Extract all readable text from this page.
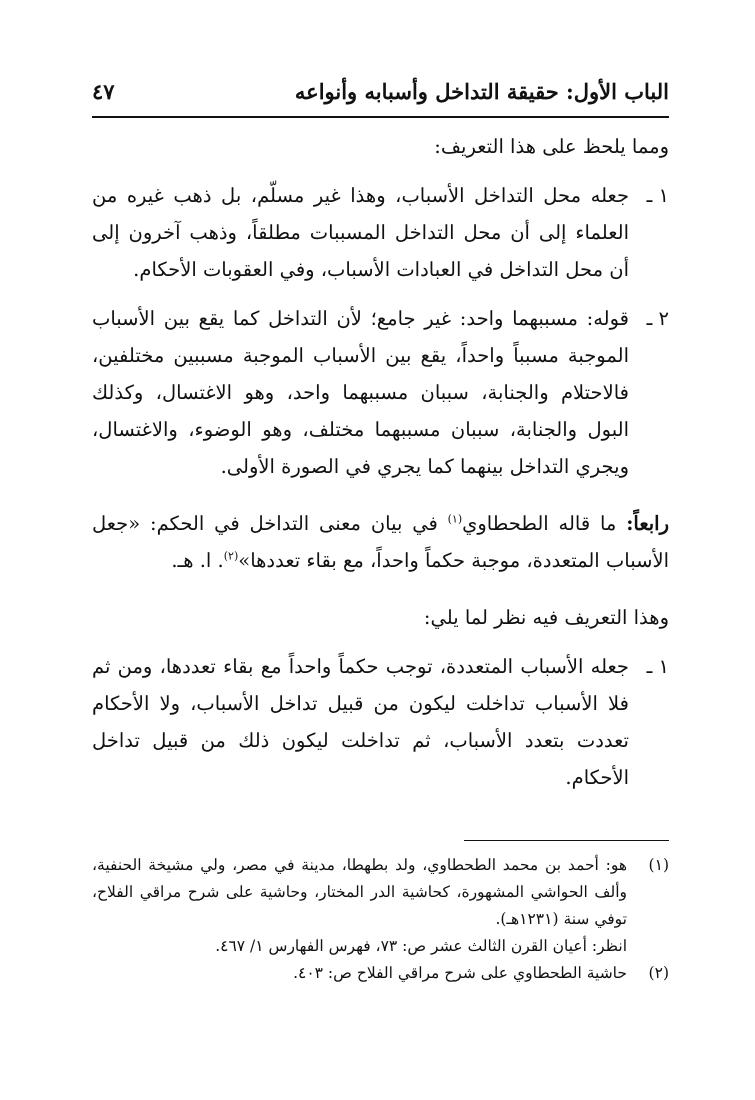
الباب الأول: حقيقة التداخل وأسبابه وأنواعه
٤٧

ومما يلحظ على هذا التعريف:

١ ـ
جعله محل التداخل الأسباب، وهذا غير مسلّم، بل ذهب غيره من العلماء إلى أن محل التداخل المسببات مطلقاً، وذهب آخرون إلى أن محل التداخل في العبادات الأسباب، وفي العقوبات الأحكام.
٢ ـ
قوله: مسببهما واحد: غير جامع؛ لأن التداخل كما يقع بين الأسباب الموجبة مسبباً واحداً، يقع بين الأسباب الموجبة مسببين مختلفين، فالاحتلام والجنابة، سببان مسببهما واحد، وهو الاغتسال، وكذلك البول والجنابة، سببان مسببهما مختلف، وهو الوضوء، والاغتسال، ويجري التداخل بينهما كما يجري في الصورة الأولى.

رابعاً: ما قاله الطحطاوي$^{(١)}$ في بيان معنى التداخل في الحكم: «جعل الأسباب المتعددة، موجبة حكماً واحداً، مع بقاء تعددها»$^{(٢)}$. ا. هـ.

وهذا التعريف فيه نظر لما يلي:

١ ـ
جعله الأسباب المتعددة، توجب حكماً واحداً مع بقاء تعددها، ومن ثم فلا الأسباب تداخلت ليكون من قبيل تداخل الأسباب، ولا الأحكام تعددت بتعدد الأسباب، ثم تداخلت ليكون ذلك من قبيل تداخل الأحكام.
(١)
هو: أحمد بن محمد الطحطاوي، ولد بطهطا، مدينة في مصر، ولي مشيخة الحنفية، وألف الحواشي المشهورة، كحاشية الدر المختار، وحاشية على شرح مراقي الفلاح، توفي سنة (١٢٣١هـ).
انظر: أعيان القرن الثالث عشر ص: ٧٣، فهرس الفهارس ١/ ٤٦٧.
(٢)
حاشية الطحطاوي على شرح مراقي الفلاح ص: ٤٠٣.
